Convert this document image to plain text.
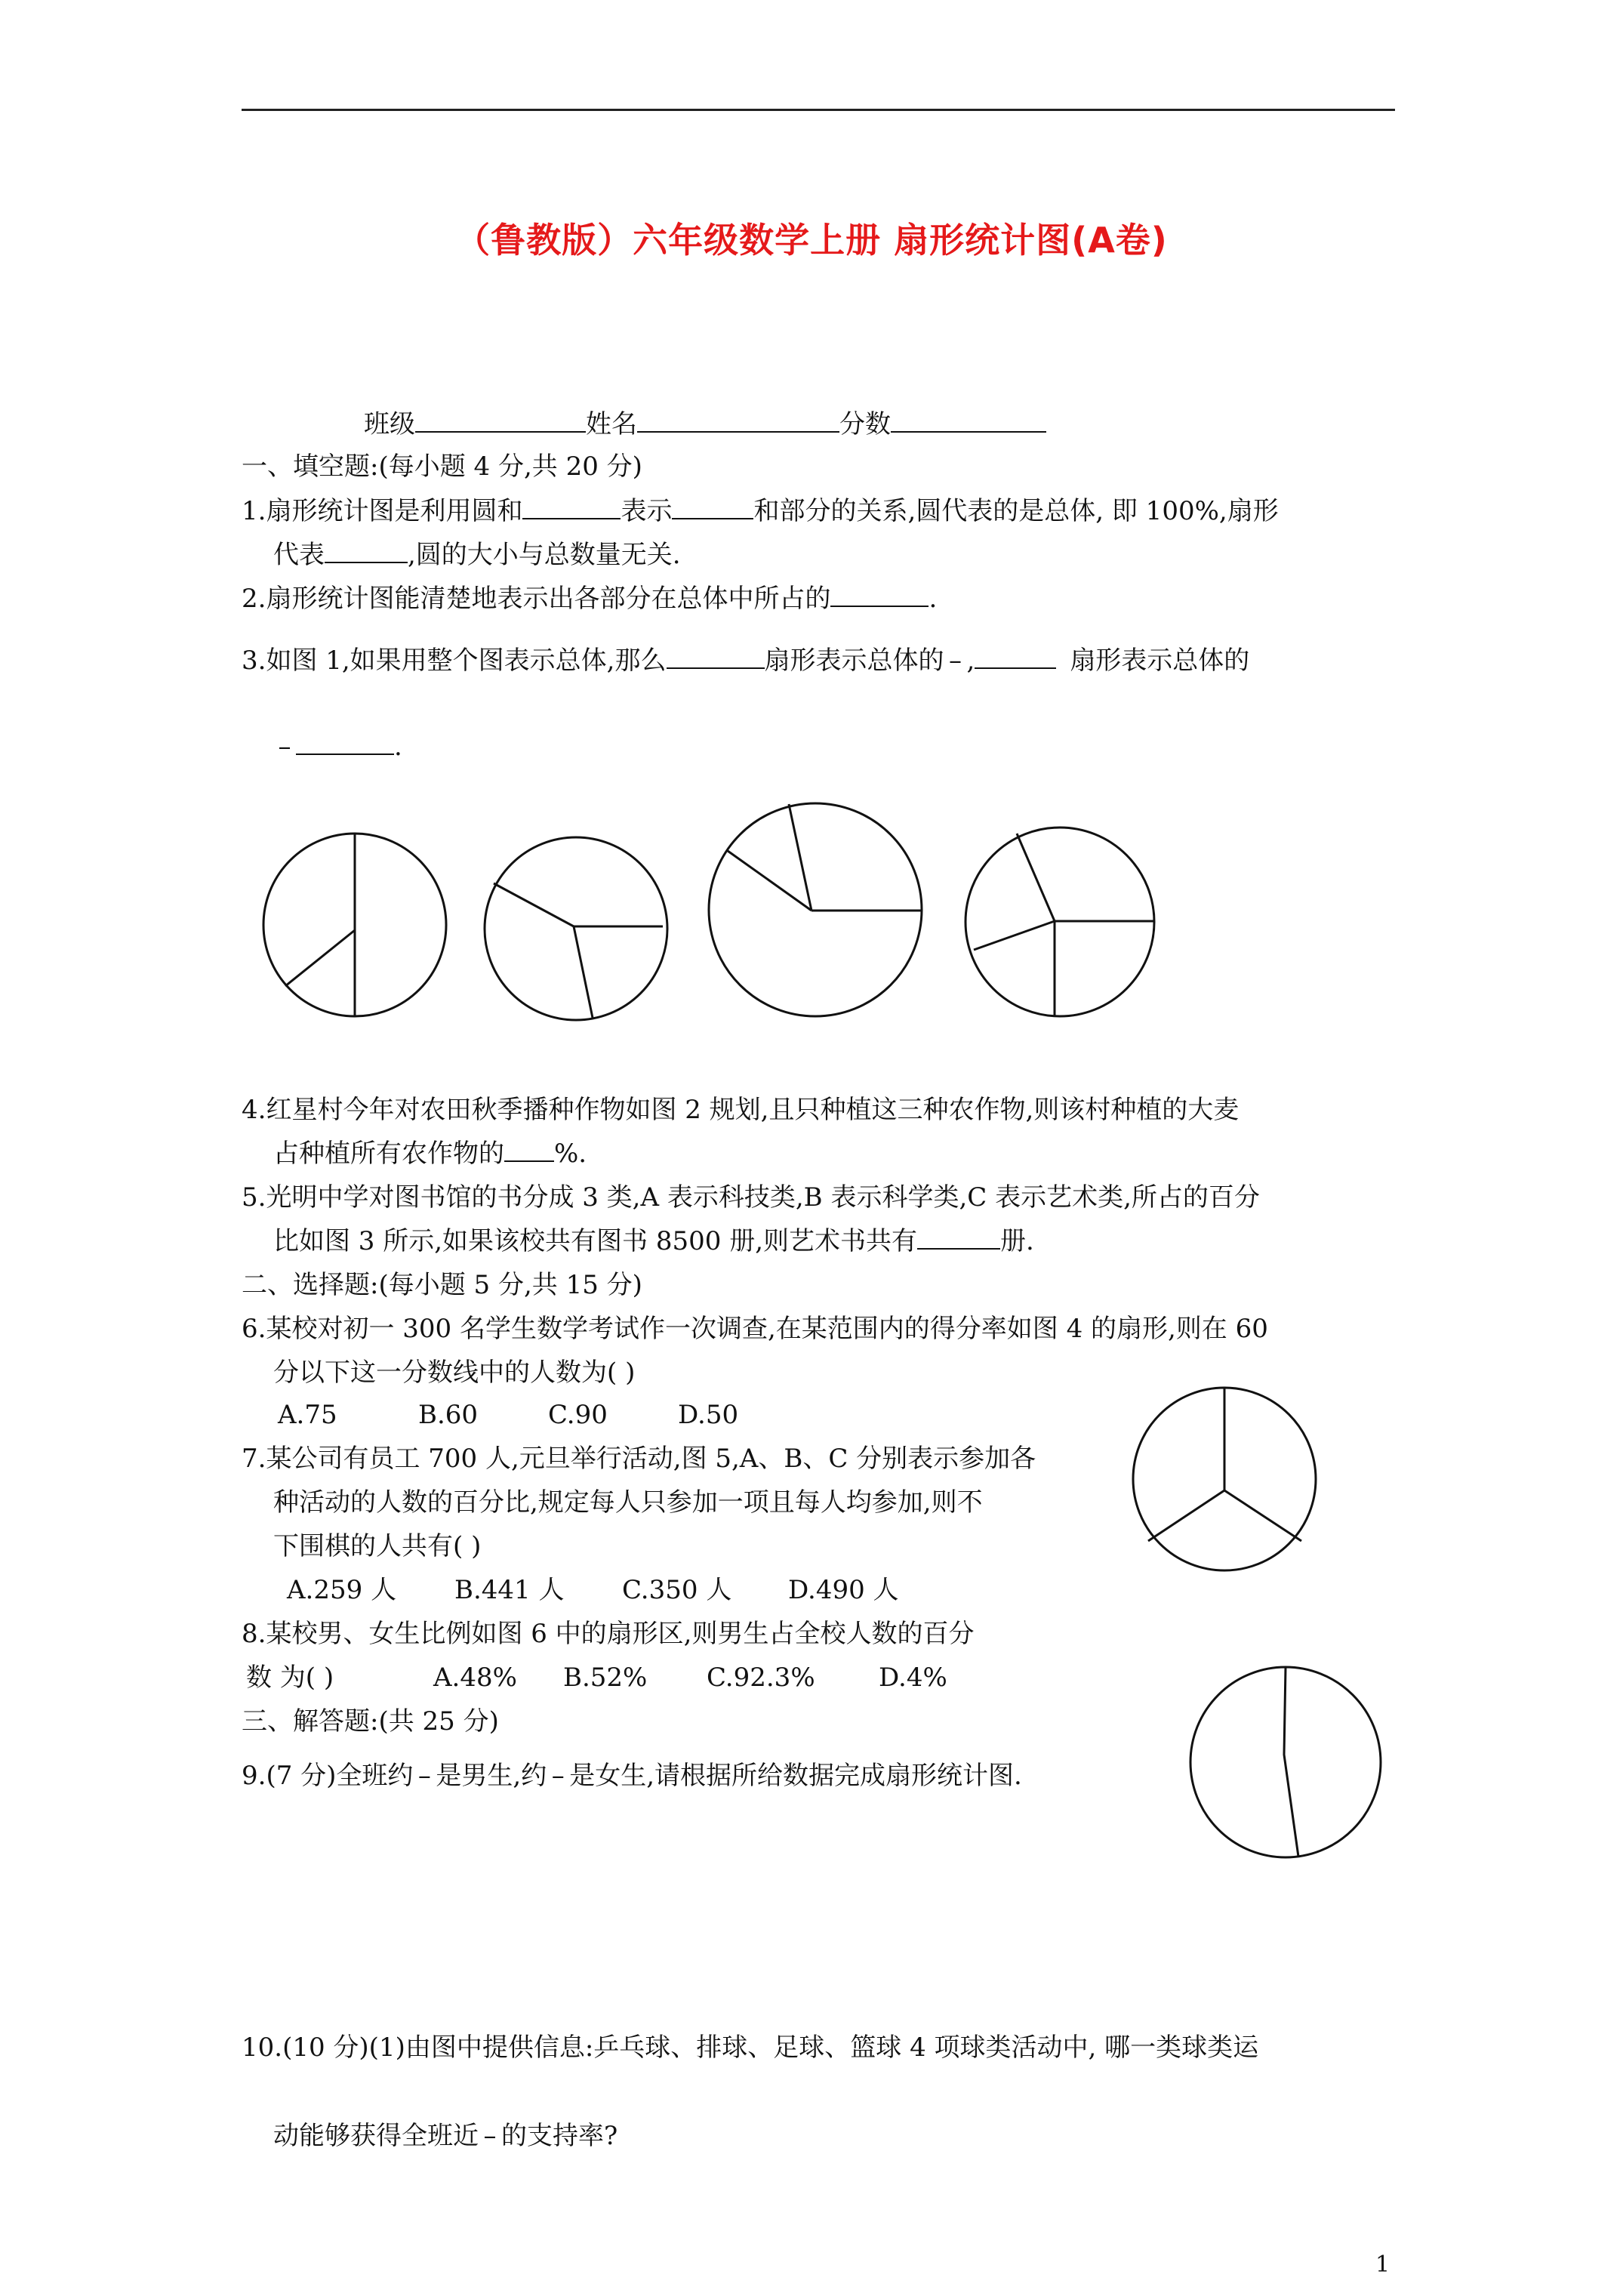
（鲁教版）六年级数学上册 扇形统计图(A卷)
班级	姓名	分数
一、填空题:(每小题 4 分,共 20 分)
1.扇形统计图是利用圆和	表示	和部分的关系,圆代表的是总体, 即 100%,扇形
代表	,圆的大小与总数量无关.
2.扇形统计图能清楚地表示出各部分在总体中所占的	.
3.如图 1,如果用整个图表示总体,那么	扇形表示总体的 – ,	扇形表示总体的
–	.
4.红星村今年对农田秋季播种作物如图 2 规划,且只种植这三种农作物,则该村种植的大麦
占种植所有农作物的 %.
5.光明中学对图书馆的书分成 3 类,A 表示科技类,B 表示科学类,C 表示艺术类,所占的百分
比如图 3 所示,如果该校共有图书 8500 册,则艺术书共有	册.
二、选择题:(每小题 5 分,共 15 分)
6.某校对初一 300 名学生数学考试作一次调查,在某范围内的得分率如图 4 的扇形,则在 60
分以下这一分数线中的人数为( )
A.75	B.60	C.90	D.50
7.某公司有员工 700 人,元旦举行活动,图 5,A、B、C 分别表示参加各
种活动的人数的百分比,规定每人只参加一项且每人均参加,则不
下围棋的人共有( )
A.259 人 B.441 人 C.350 人 D.490 人
8.某校男、女生比例如图 6 中的扇形区,则男生占全校人数的百分
数 为( )	A.48% B.52% C.92.3% D.4%
三、解答题:(共 25 分)
9.(7 分)全班约 – 是男生,约 – 是女生,请根据所给数据完成扇形统计图.
10.(10 分)(1)由图中提供信息:乒乓球、排球、足球、篮球 4 项球类活动中, 哪一类球类运
动能够获得全班近 – 的支持率?
1
